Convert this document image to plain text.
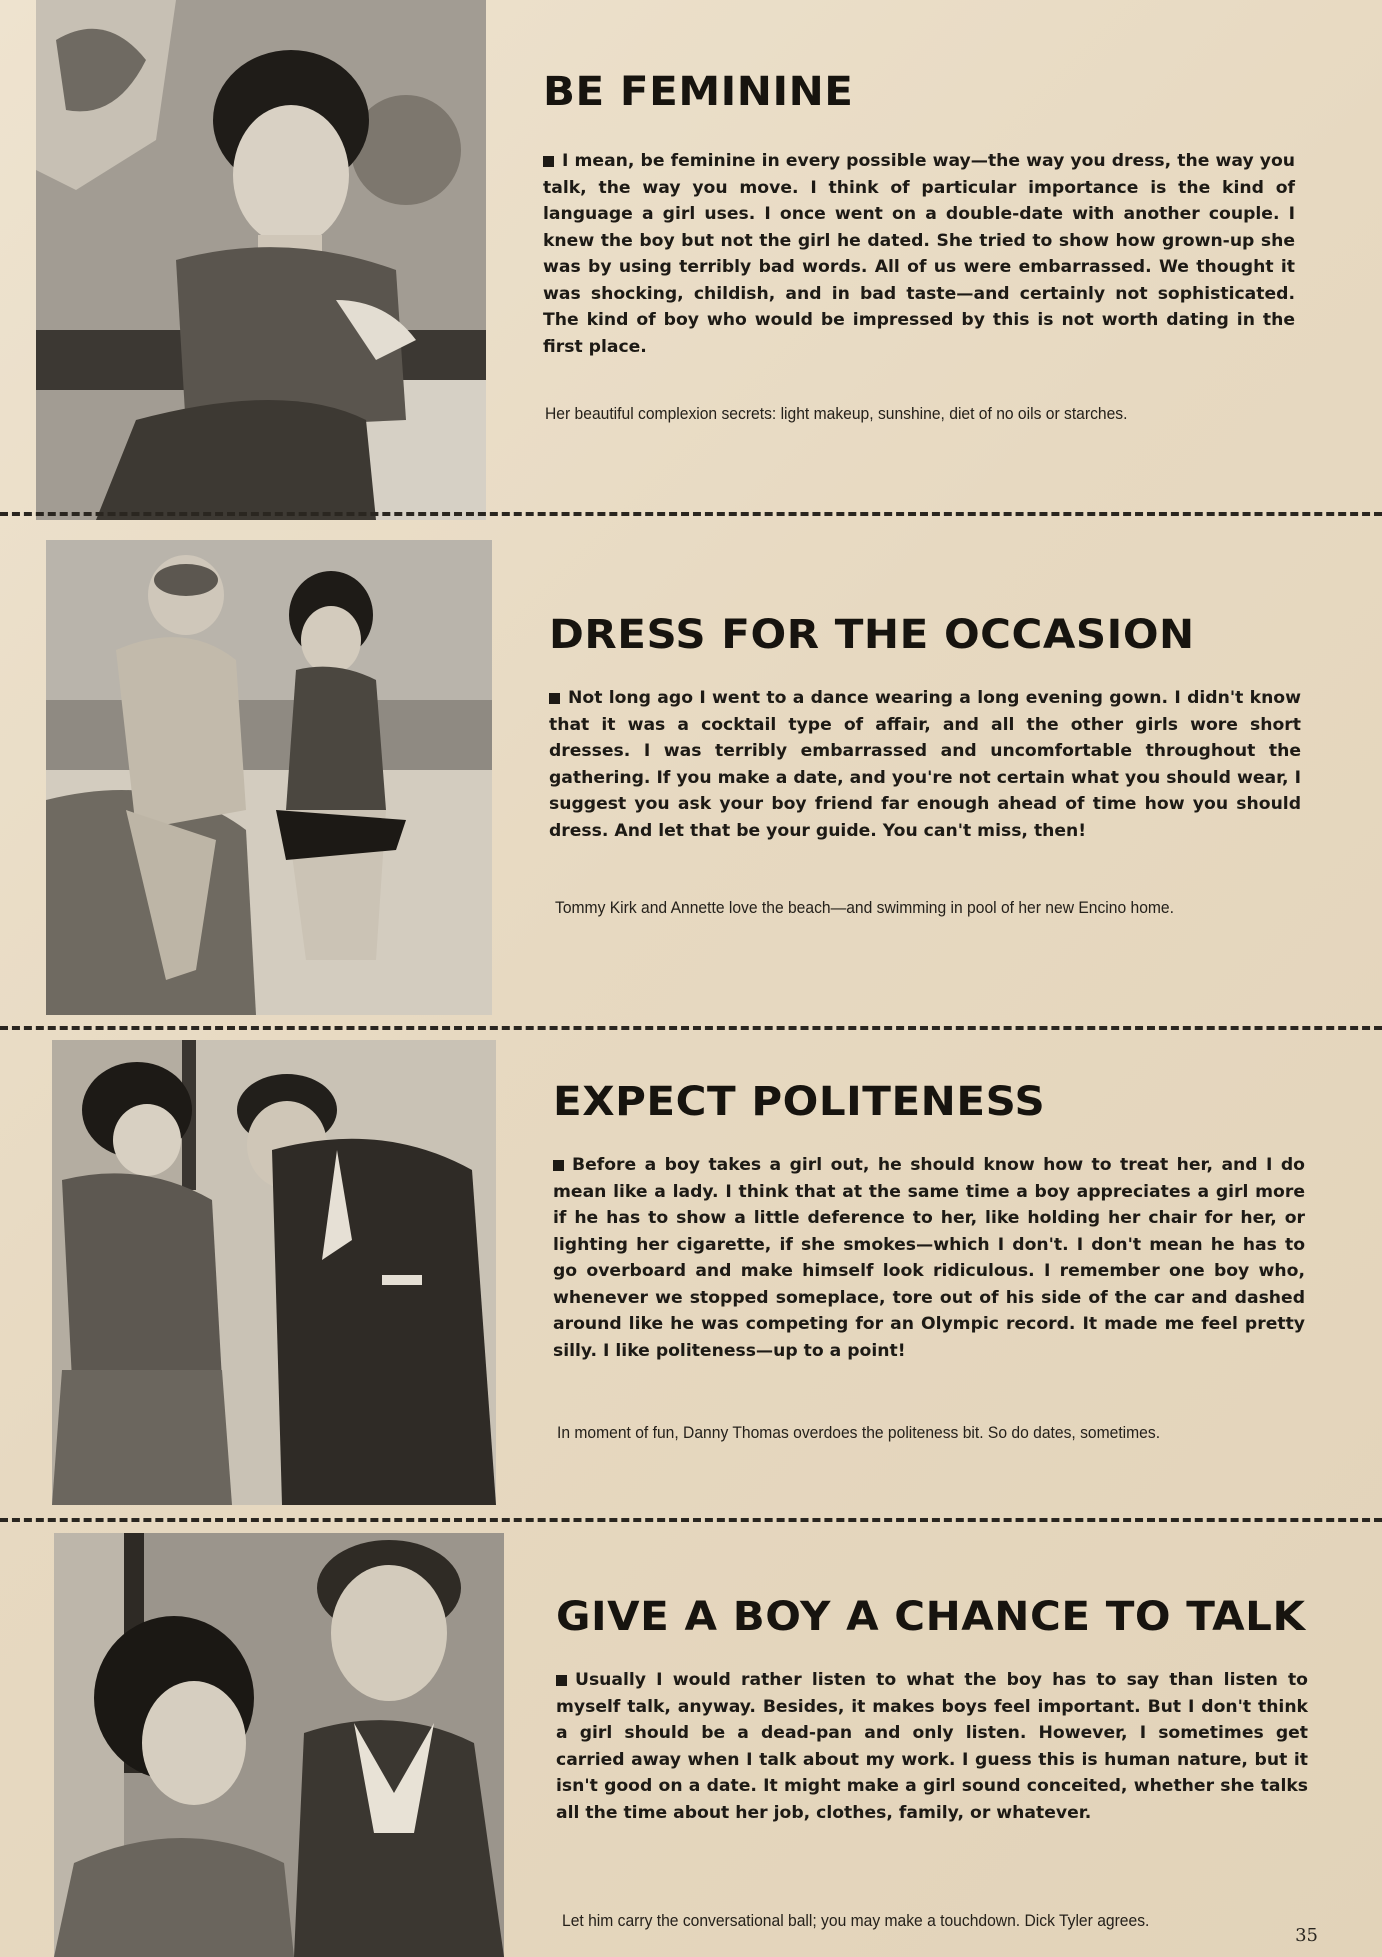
BE FEMININE

I mean, be feminine in every possible way—the way you dress, the way you talk, the way you move. I think of particular importance is the kind of language a girl uses. I once went on a double-date with another couple. I knew the boy but not the girl he dated. She tried to show how grown-up she was by using terribly bad words. All of us were embarrassed. We thought it was shocking, childish, and in bad taste—and certainly not sophisticated. The kind of boy who would be impressed by this is not worth dating in the first place.

Her beautiful complexion secrets: light makeup, sunshine, diet of no oils or starches.
DRESS FOR THE OCCASION

Not long ago I went to a dance wearing a long evening gown. I didn't know that it was a cocktail type of affair, and all the other girls wore short dresses. I was terribly embarrassed and uncomfortable throughout the gathering. If you make a date, and you're not certain what you should wear, I suggest you ask your boy friend far enough ahead of time how you should dress. And let that be your guide. You can't miss, then!

Tommy Kirk and Annette love the beach—and swimming in pool of her new Encino home.
EXPECT POLITENESS

Before a boy takes a girl out, he should know how to treat her, and I do mean like a lady. I think that at the same time a boy appreciates a girl more if he has to show a little deference to her, like holding her chair for her, or lighting her cigarette, if she smokes—which I don't. I don't mean he has to go overboard and make himself look ridiculous. I remember one boy who, whenever we stopped someplace, tore out of his side of the car and dashed around like he was competing for an Olympic record. It made me feel pretty silly. I like politeness—up to a point!

In moment of fun, Danny Thomas overdoes the politeness bit. So do dates, sometimes.
GIVE A BOY A CHANCE TO TALK

Usually I would rather listen to what the boy has to say than listen to myself talk, anyway. Besides, it makes boys feel important. But I don't think a girl should be a dead-pan and only listen. However, I sometimes get carried away when I talk about my work. I guess this is human nature, but it isn't good on a date. It might make a girl sound conceited, whether she talks all the time about her job, clothes, family, or whatever.

Let him carry the conversational ball; you may make a touchdown. Dick Tyler agrees.
35
